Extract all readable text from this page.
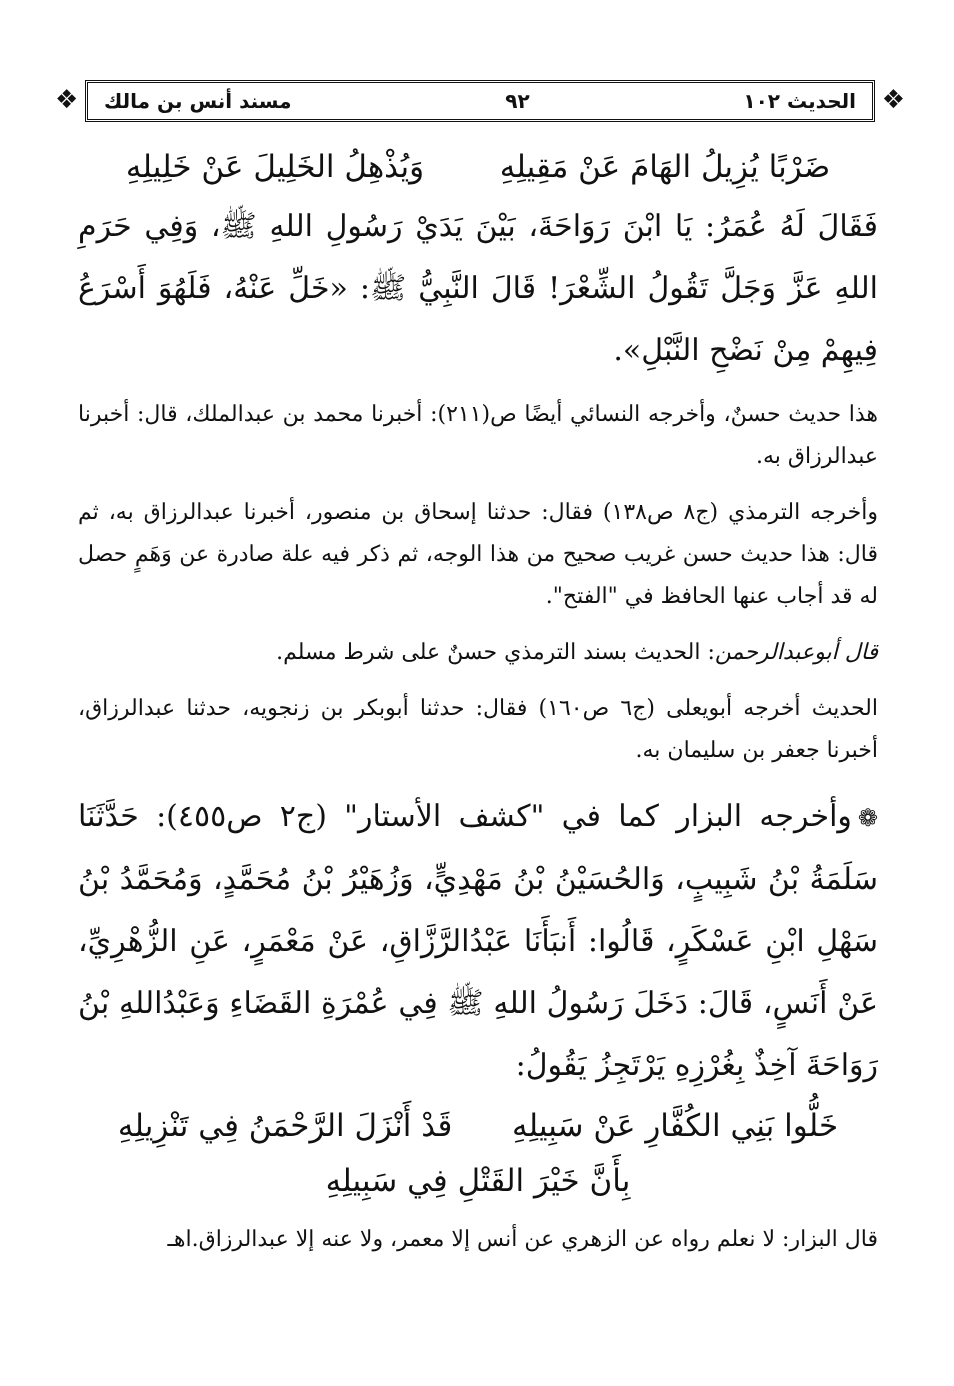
❖
الحديث ١٠٢
٩٢
مسند أنس بن مالك
❖
ضَرْبًا يُزِيلُ الهَامَ عَنْ مَقِيلِهِ
وَيُذْهِلُ الخَلِيلَ عَنْ خَلِيلِهِ

فَقَالَ لَهُ عُمَرُ: يَا ابْنَ رَوَاحَةَ، بَيْنَ يَدَيْ رَسُولِ اللهِ ﷺ، وَفِي حَرَمِ اللهِ عَزَّ وَجَلَّ تَقُولُ الشِّعْرَ! قَالَ النَّبِيُّ ﷺ: «خَلِّ عَنْهُ، فَلَهُوَ أَسْرَعُ فِيهِمْ مِنْ نَضْحِ النَّبْلِ».

هذا حديث حسنٌ، وأخرجه النسائي أيضًا ص(٢١١): أخبرنا محمد بن عبدالملك، قال: أخبرنا عبدالرزاق به.

وأخرجه الترمذي (ج٨ ص١٣٨) فقال: حدثنا إسحاق بن منصور، أخبرنا عبدالرزاق به، ثم قال: هذا حديث حسن غريب صحيح من هذا الوجه، ثم ذكر فيه علة صادرة عن وَهَمٍ حصل له قد أجاب عنها الحافظ في "الفتح".

قال أبوعبدالرحمن: الحديث بسند الترمذي حسنٌ على شرط مسلم.

الحديث أخرجه أبويعلى (ج٦ ص١٦٠) فقال: حدثنا أبوبكر بن زنجويه، حدثنا عبدالرزاق، أخبرنا جعفر بن سليمان به.

❁وأخرجه البزار كما في "كشف الأستار" (ج٢ ص٤٥٥): حَدَّثَنَا سَلَمَةُ بْنُ شَبِيبٍ، وَالحُسَيْنُ بْنُ مَهْدِيٍّ، وَزُهَيْرُ بْنُ مُحَمَّدٍ، وَمُحَمَّدُ بْنُ سَهْلِ ابْنِ عَسْكَرٍ، قَالُوا: أَنبَأَنَا عَبْدُالرَّزَّاقِ، عَنْ مَعْمَرٍ، عَنِ الزُّهْرِيِّ، عَنْ أَنَسٍ، قَالَ: دَخَلَ رَسُولُ اللهِ ﷺ فِي عُمْرَةِ القَضَاءِ وَعَبْدُاللهِ بْنُ رَوَاحَةَ آخِذٌ بِغُرْزِهِ يَرْتَجِزُ يَقُولُ:

خَلُّوا بَنِي الكُفَّارِ عَنْ سَبِيلِهِ
قَدْ أَنْزَلَ الرَّحْمَنُ فِي تَنْزِيلِهِ
بِأَنَّ خَيْرَ القَتْلِ فِي سَبِيلِهِ

قال البزار: لا نعلم رواه عن الزهري عن أنس إلا معمر، ولا عنه إلا عبدالرزاق.اهـ
